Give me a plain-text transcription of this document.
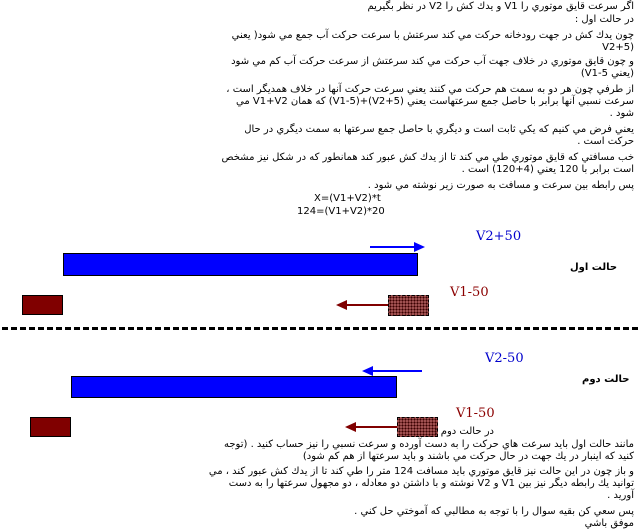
اگر سرعت قايق موتوري را V1 و يدك كش را V2 در نظر بگيريم
در حالت اول :
چون يدك كش در جهت رودخانه حركت مي كند سرعتش با سرعت حركت آب جمع مي شود( يعني
(V2+5
و چون قايق موتوري در خلاف جهت آب حركت مي كند سرعتش از سرعت حركت آب كم مي شود
(يعني V1-5)
از طرفي چون هر دو به سمت هم حركت مي كنند يعني سرعت حركت آنها در خلاف همديگر است ،
سرعت نسبي آنها برابر با حاصل جمع سرعتهاست يعني (V2+5)+(V1-5) كه همان V1+V2 مي
شود .
يعني فرض مي كنيم كه يكي ثابت است و ديگري با حاصل جمع سرعتها به سمت ديگري در حال
حركت است .
خب مسافتي كه قايق موتوري طي مي كند تا از يدك كش عبور كند همانطور كه در شكل نيز مشخص
است برابر با 120 يعني (4+120) است .
پس رابطه بين سرعت و مسافت به صورت زير نوشته مي شود .
X=(V1+V2)*t
124=(V1+V2)*20
V2+50
حالت اول
V1-50
V2-50
حالت دوم
V1-50
در حالت دوم :
مانند حالت اول بايد سرعت هاي حركت را به دست آورده و سرعت نسبي را نيز حساب كنيد . (توجه
كنيد كه اينبار در يك جهت در حال حركت مي باشند و بايد سرعتها از هم كم شود)
و باز چون در اين حالت نيز قايق موتوري بايد مسافت 124 متر را طي كند تا از يدك كش عبور كند ، مي
توانيد يك رابطه ديگر نيز بين V1 و V2 نوشته و با داشتن دو معادله ، دو مجهول سرعتها را به دست
آوريد .
پس سعي كن بقيه سوال را با توجه به مطالبي كه آموختي حل كني .
موفق باشي
